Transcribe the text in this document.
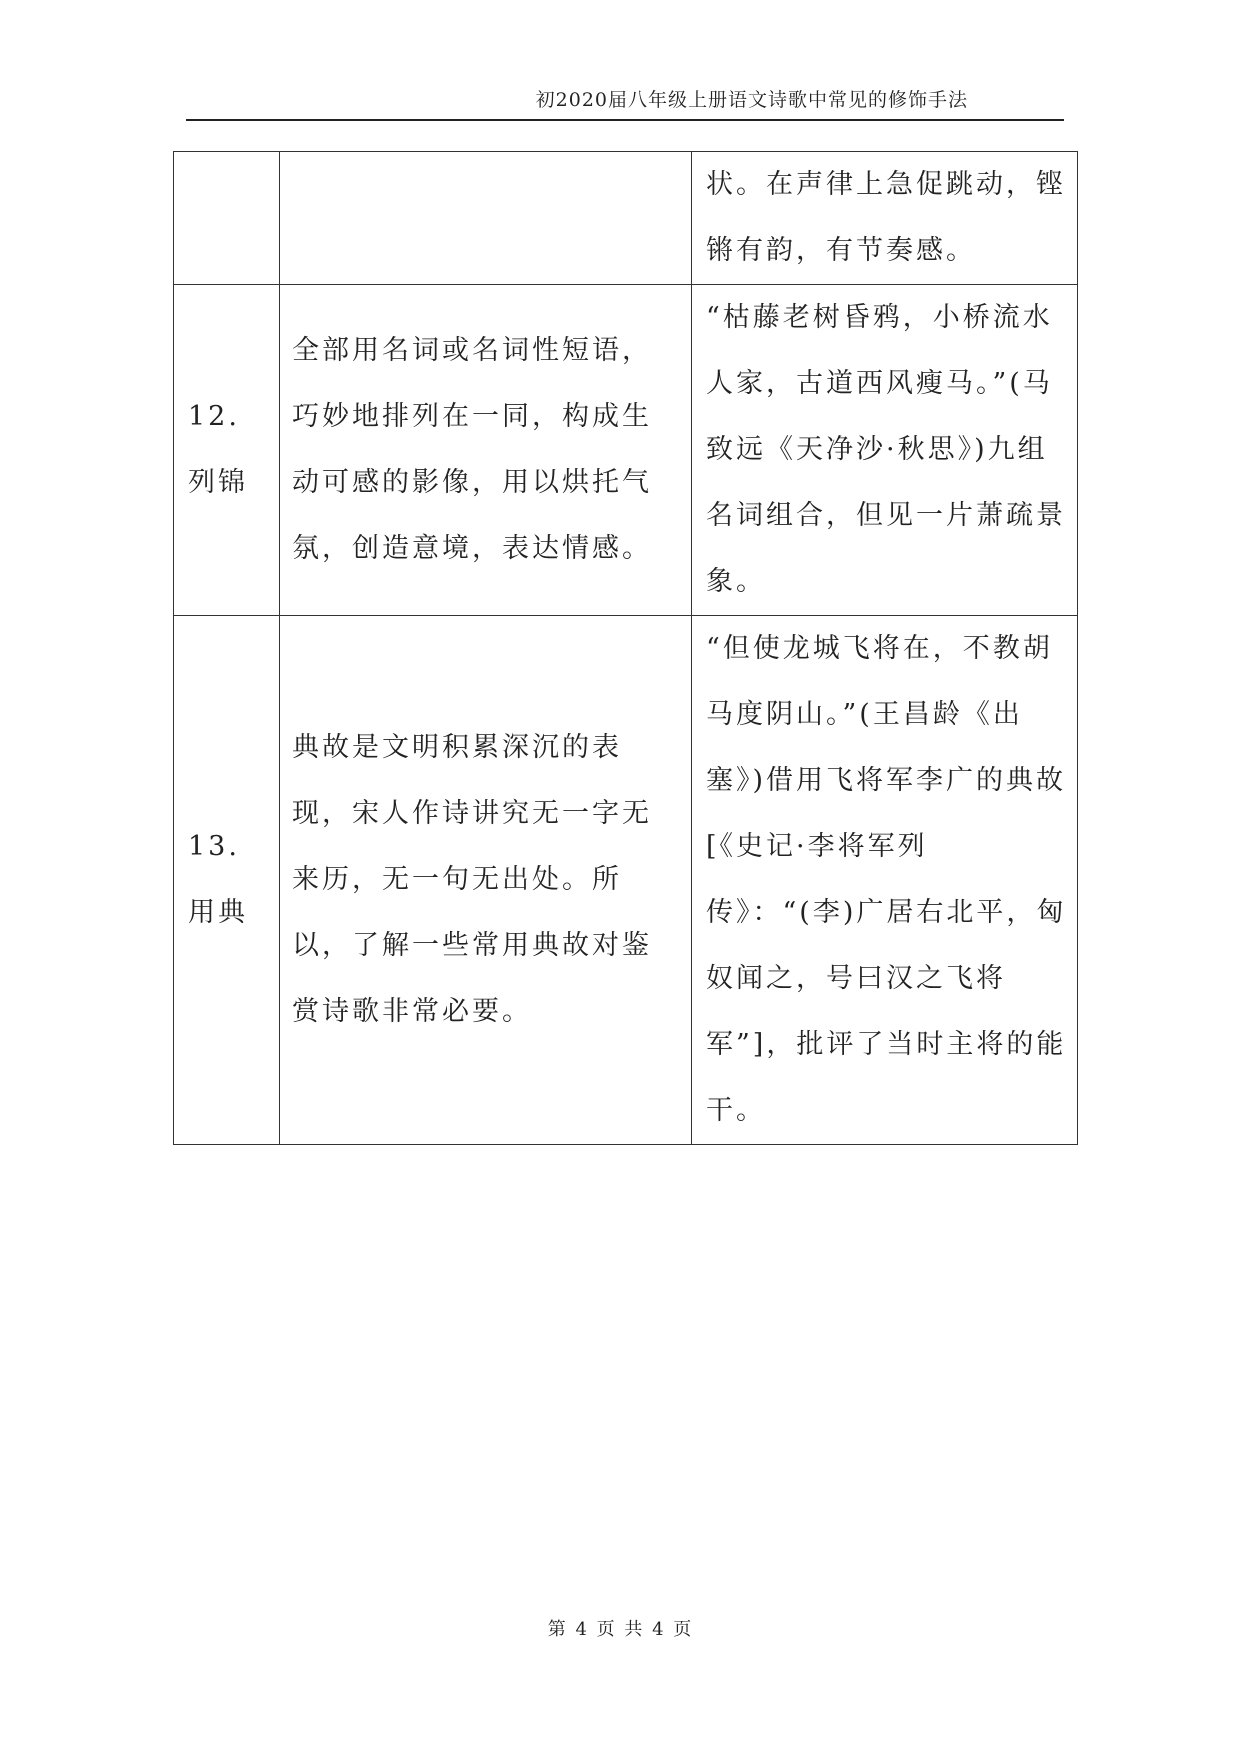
初2020届八年级上册语文诗歌中常见的修饰手法
		状。在声律上急促跳动，铿锵有韵，有节奏感。
12. 列锦	全部用名词或名词性短语，巧妙地排列在一同，构成生动可感的影像，用以烘托气氛，创造意境，表达情感。	“枯藤老树昏鸦，小桥流水人家，古道西风瘦马。”(马致远《天净沙·秋思》)九组名词组合，但见一片萧疏景象。
13. 用典	典故是文明积累深沉的表现，宋人作诗讲究无一字无来历，无一句无出处。所以，了解一些常用典故对鉴赏诗歌非常必要。	“但使龙城飞将在，不教胡马度阴山。”(王昌龄《出塞》)借用飞将军李广的典故[《史记·李将军列传》：“(李)广居右北平，匈奴闻之，号曰汉之飞将军”]，批评了当时主将的能干。
第 4 页 共 4 页
